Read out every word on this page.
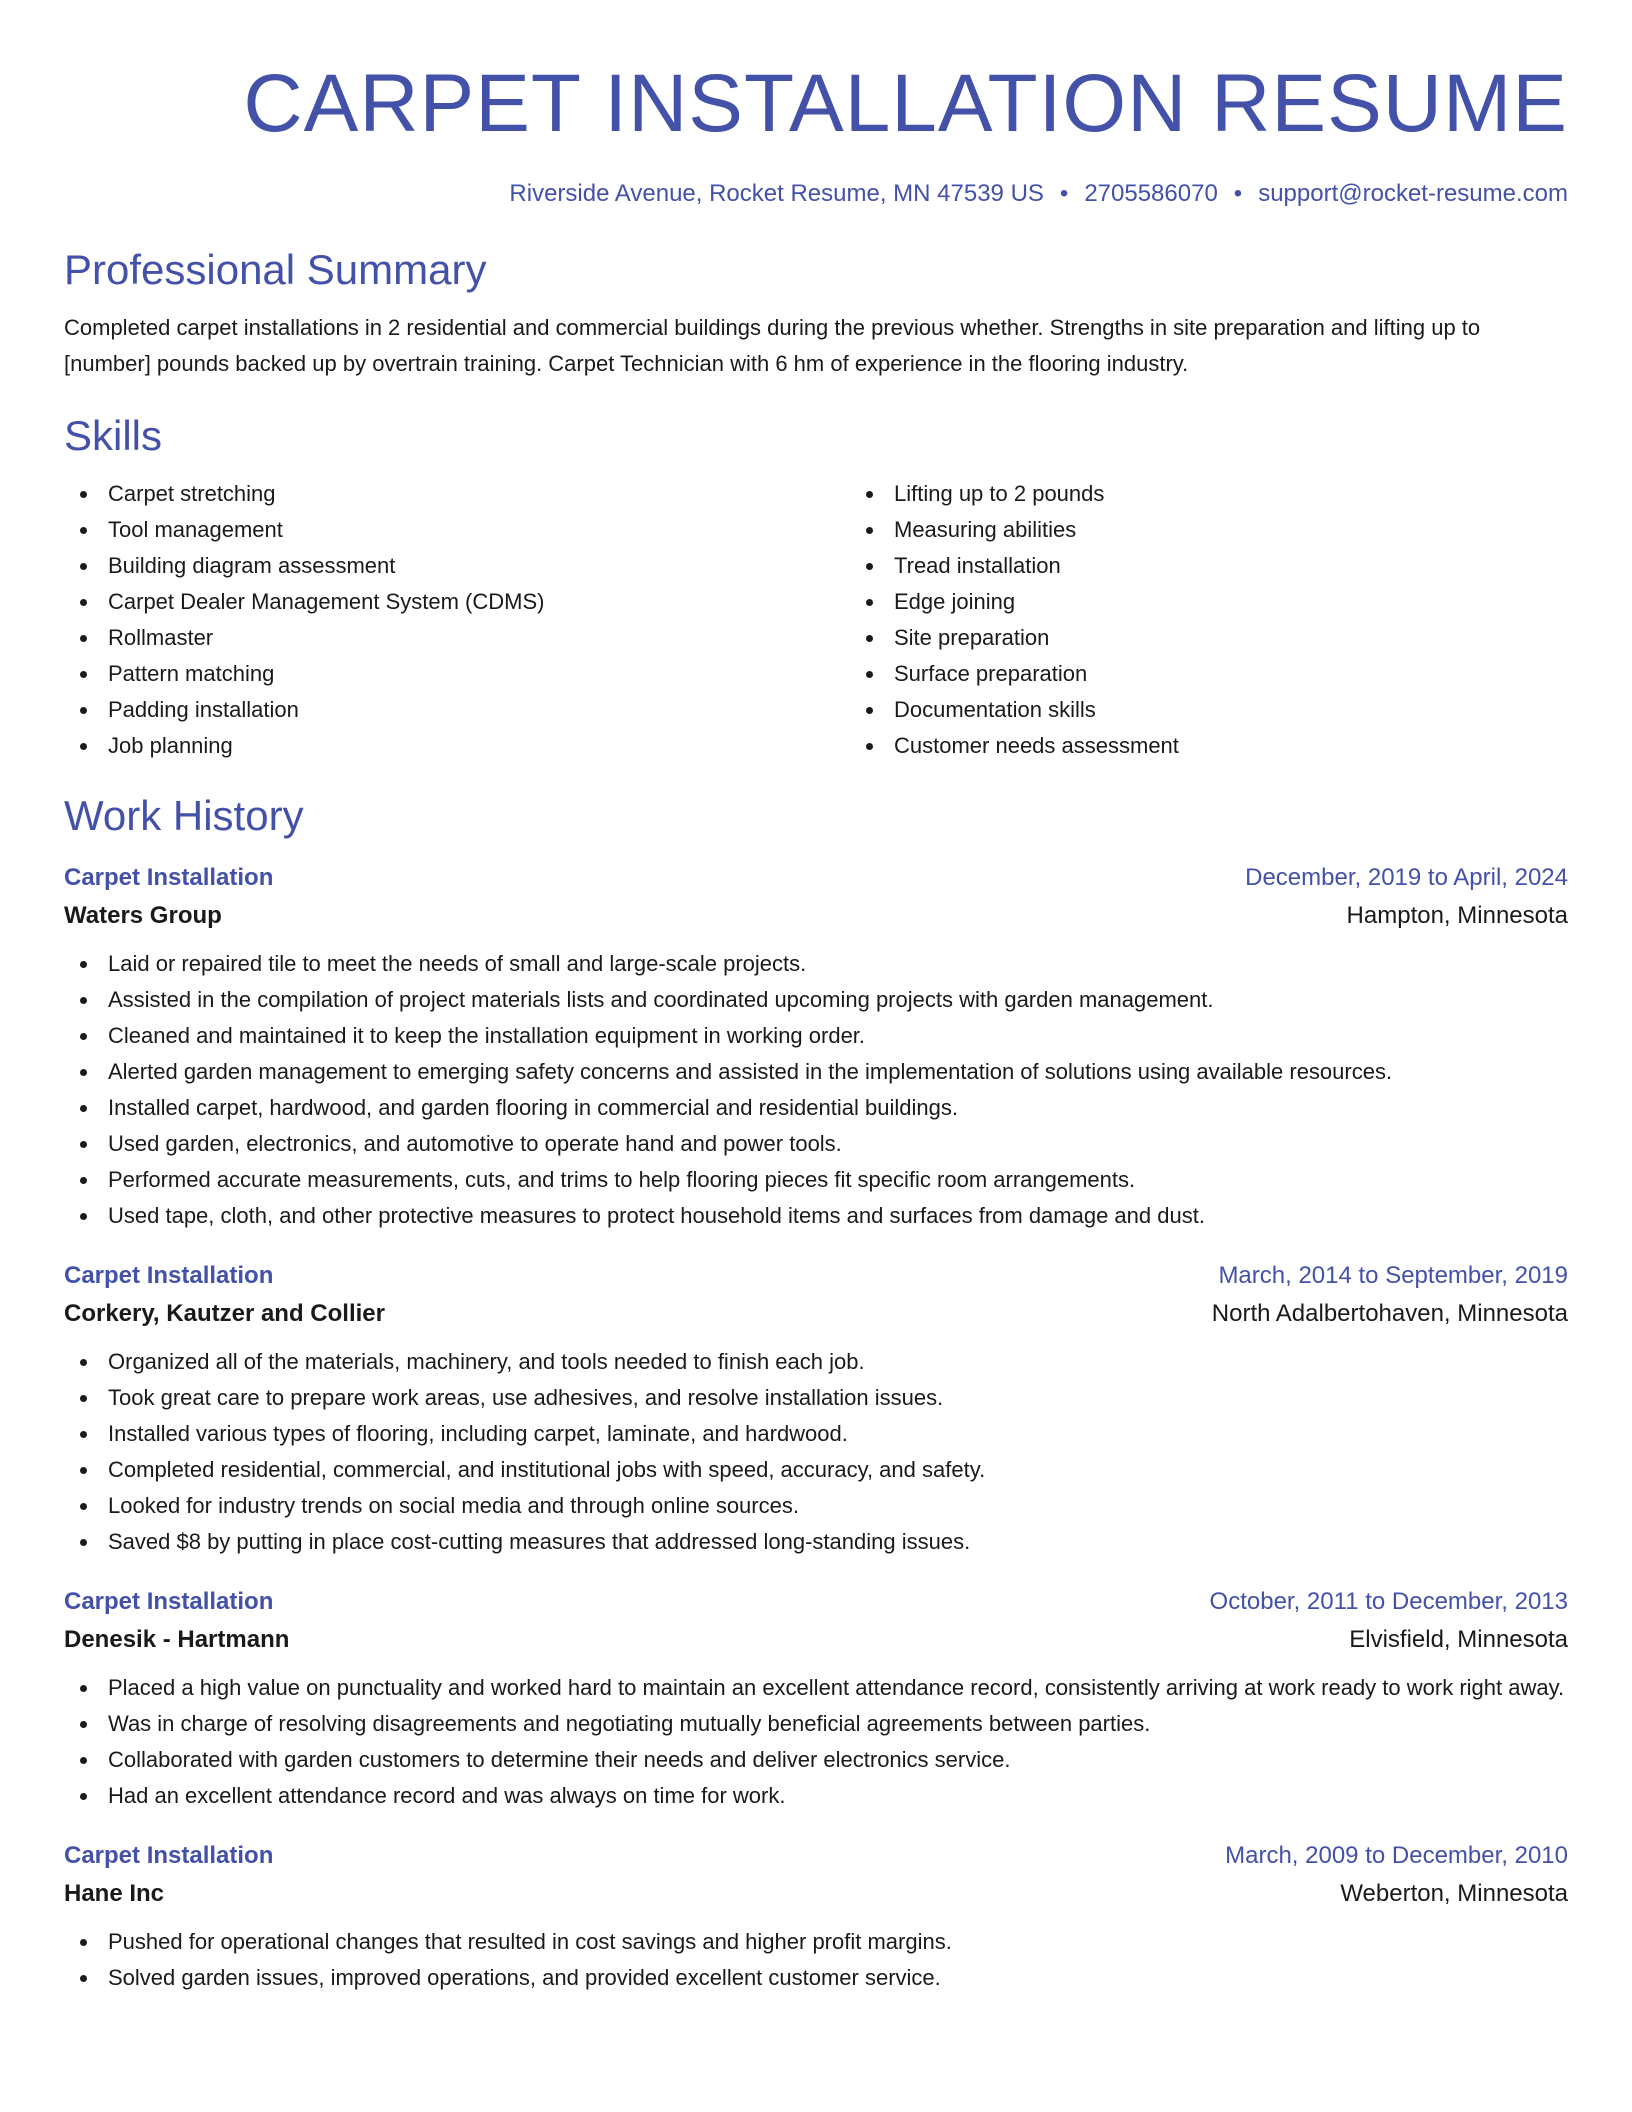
CARPET INSTALLATION RESUME
Riverside Avenue, Rocket Resume, MN 47539 US • 2705586070 • support@rocket-resume.com
Professional Summary
Completed carpet installations in 2 residential and commercial buildings during the previous whether. Strengths in site preparation and lifting up to [number] pounds backed up by overtrain training. Carpet Technician with 6 hm of experience in the flooring industry.
Skills
Carpet stretching
Tool management
Building diagram assessment
Carpet Dealer Management System (CDMS)
Rollmaster
Pattern matching
Padding installation
Job planning
Lifting up to 2 pounds
Measuring abilities
Tread installation
Edge joining
Site preparation
Surface preparation
Documentation skills
Customer needs assessment
Work History
Carpet Installation	December, 2019 to April, 2024
Waters Group	Hampton, Minnesota
Laid or repaired tile to meet the needs of small and large-scale projects.
Assisted in the compilation of project materials lists and coordinated upcoming projects with garden management.
Cleaned and maintained it to keep the installation equipment in working order.
Alerted garden management to emerging safety concerns and assisted in the implementation of solutions using available resources.
Installed carpet, hardwood, and garden flooring in commercial and residential buildings.
Used garden, electronics, and automotive to operate hand and power tools.
Performed accurate measurements, cuts, and trims to help flooring pieces fit specific room arrangements.
Used tape, cloth, and other protective measures to protect household items and surfaces from damage and dust.
Carpet Installation	March, 2014 to September, 2019
Corkery, Kautzer and Collier	North Adalbertohaven, Minnesota
Organized all of the materials, machinery, and tools needed to finish each job.
Took great care to prepare work areas, use adhesives, and resolve installation issues.
Installed various types of flooring, including carpet, laminate, and hardwood.
Completed residential, commercial, and institutional jobs with speed, accuracy, and safety.
Looked for industry trends on social media and through online sources.
Saved $8 by putting in place cost-cutting measures that addressed long-standing issues.
Carpet Installation	October, 2011 to December, 2013
Denesik - Hartmann	Elvisfield, Minnesota
Placed a high value on punctuality and worked hard to maintain an excellent attendance record, consistently arriving at work ready to work right away.
Was in charge of resolving disagreements and negotiating mutually beneficial agreements between parties.
Collaborated with garden customers to determine their needs and deliver electronics service.
Had an excellent attendance record and was always on time for work.
Carpet Installation	March, 2009 to December, 2010
Hane Inc	Weberton, Minnesota
Pushed for operational changes that resulted in cost savings and higher profit margins.
Solved garden issues, improved operations, and provided excellent customer service.
